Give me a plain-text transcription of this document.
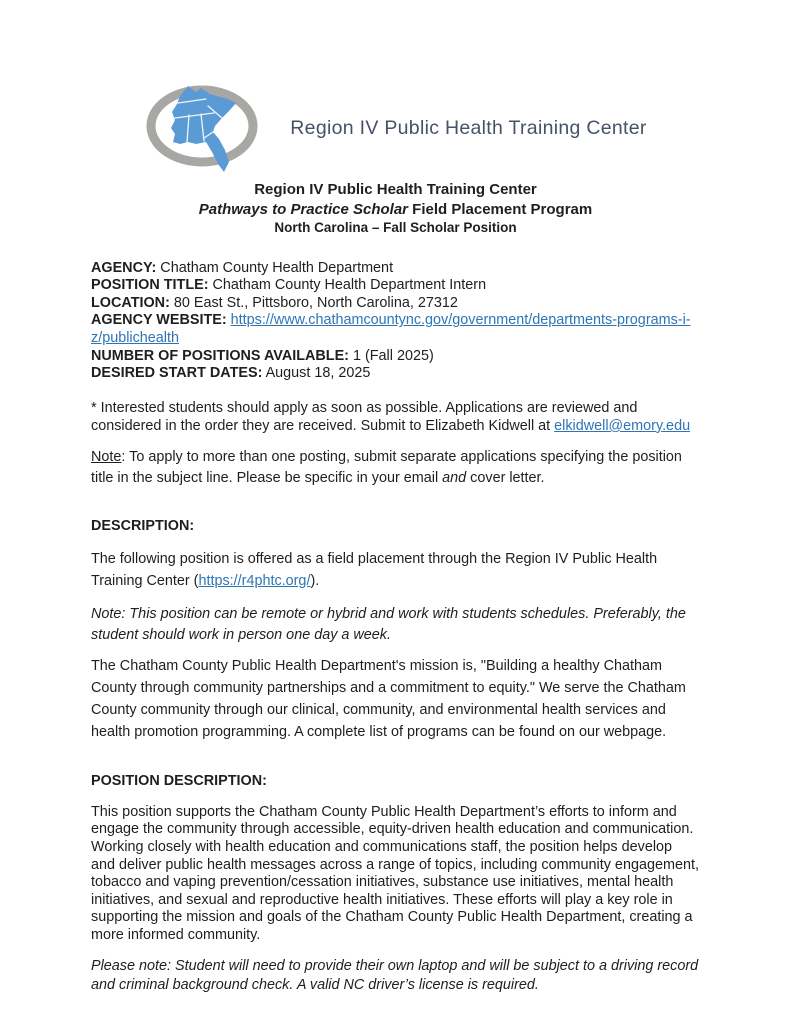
Region IV Public Health Training Center
Region IV Public Health Training Center
Pathways to Practice Scholar Field Placement Program
North Carolina – Fall Scholar Position
AGENCY: Chatham County Health Department
POSITION TITLE: Chatham County Health Department Intern
LOCATION: 80 East St., Pittsboro, North Carolina, 27312
AGENCY WEBSITE: https://www.chathamcountync.gov/government/departments-programs-i-z/publichealth
NUMBER OF POSITIONS AVAILABLE: 1 (Fall 2025)
DESIRED START DATES: August 18, 2025
* Interested students should apply as soon as possible. Applications are reviewed and considered in the order they are received. Submit to Elizabeth Kidwell at elkidwell@emory.edu
Note: To apply to more than one posting, submit separate applications specifying the position title in the subject line. Please be specific in your email and cover letter.
DESCRIPTION:
The following position is offered as a field placement through the Region IV Public Health Training Center (https://r4phtc.org/).
Note: This position can be remote or hybrid and work with students schedules. Preferably, the student should work in person one day a week.
The Chatham County Public Health Department's mission is, "Building a healthy Chatham County through community partnerships and a commitment to equity." We serve the Chatham County community through our clinical, community, and environmental health services and health promotion programming. A complete list of programs can be found on our webpage.
POSITION DESCRIPTION:
This position supports the Chatham County Public Health Department’s efforts to inform and engage the community through accessible, equity-driven health education and communication. Working closely with health education and communications staff, the position helps develop and deliver public health messages across a range of topics, including community engagement, tobacco and vaping prevention/cessation initiatives, substance use initiatives, mental health initiatives, and sexual and reproductive health initiatives. These efforts will play a key role in supporting the mission and goals of the Chatham County Public Health Department, creating a more informed community.
Please note: Student will need to provide their own laptop and will be subject to a driving record and criminal background check. A valid NC driver’s license is required.
